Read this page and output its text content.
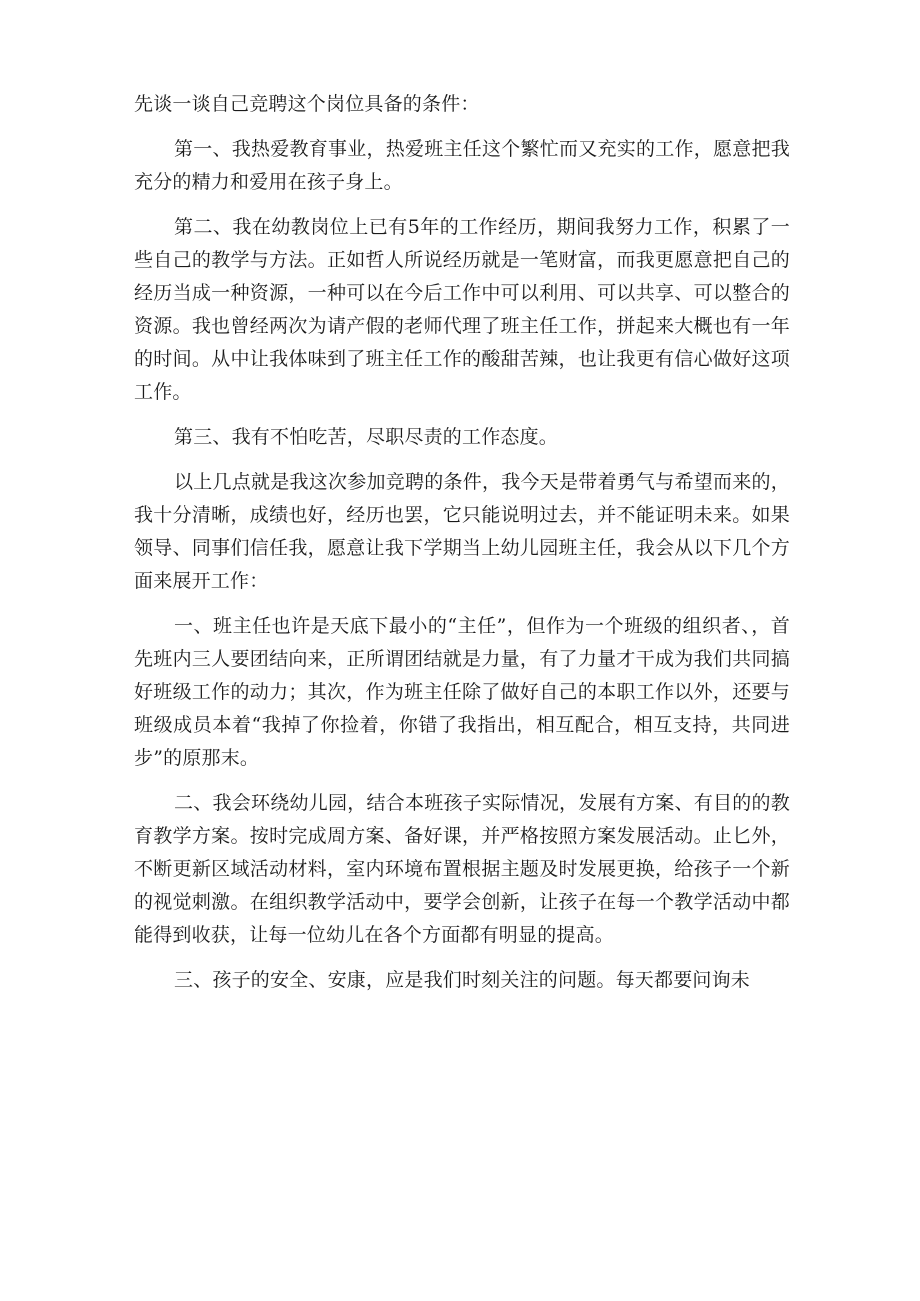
先谈一谈自己竞聘这个岗位具备的条件：

第一、我热爱教育事业，热爱班主任这个繁忙而又充实的工作，愿意把我充分的精力和爱用在孩子身上。

第二、我在幼教岗位上已有5年的工作经历，期间我努力工作，积累了一些自己的教学与方法。正如哲人所说经历就是一笔财富，而我更愿意把自己的经历当成一种资源，一种可以在今后工作中可以利用、可以共享、可以整合的资源。我也曾经两次为请产假的老师代理了班主任工作，拼起来大概也有一年的时间。从中让我体味到了班主任工作的酸甜苦辣，也让我更有信心做好这项工作。

第三、我有不怕吃苦，尽职尽责的工作态度。

以上几点就是我这次参加竞聘的条件，我今天是带着勇气与希望而来的，我十分清晰，成绩也好，经历也罢，它只能说明过去，并不能证明未来。如果领导、同事们信任我，愿意让我下学期当上幼儿园班主任，我会从以下几个方面来展开工作：

一、班主任也许是天底下最小的“主任”，但作为一个班级的组织者、，首先班内三人要团结向来，正所谓团结就是力量，有了力量才干成为我们共同搞好班级工作的动力；其次，作为班主任除了做好自己的本职工作以外，还要与班级成员本着“我掉了你捡着，你错了我指出，相互配合，相互支持，共同进步”的原那末。

二、我会环绕幼儿园，结合本班孩子实际情况，发展有方案、有目的的教育教学方案。按时完成周方案、备好课，并严格按照方案发展活动。止匕外，不断更新区域活动材料，室内环境布置根据主题及时发展更换，给孩子一个新的视觉刺激。在组织教学活动中，要学会创新，让孩子在每一个教学活动中都能得到收获，让每一位幼儿在各个方面都有明显的提高。

三、孩子的安全、安康，应是我们时刻关注的问题。每天都要问询未
